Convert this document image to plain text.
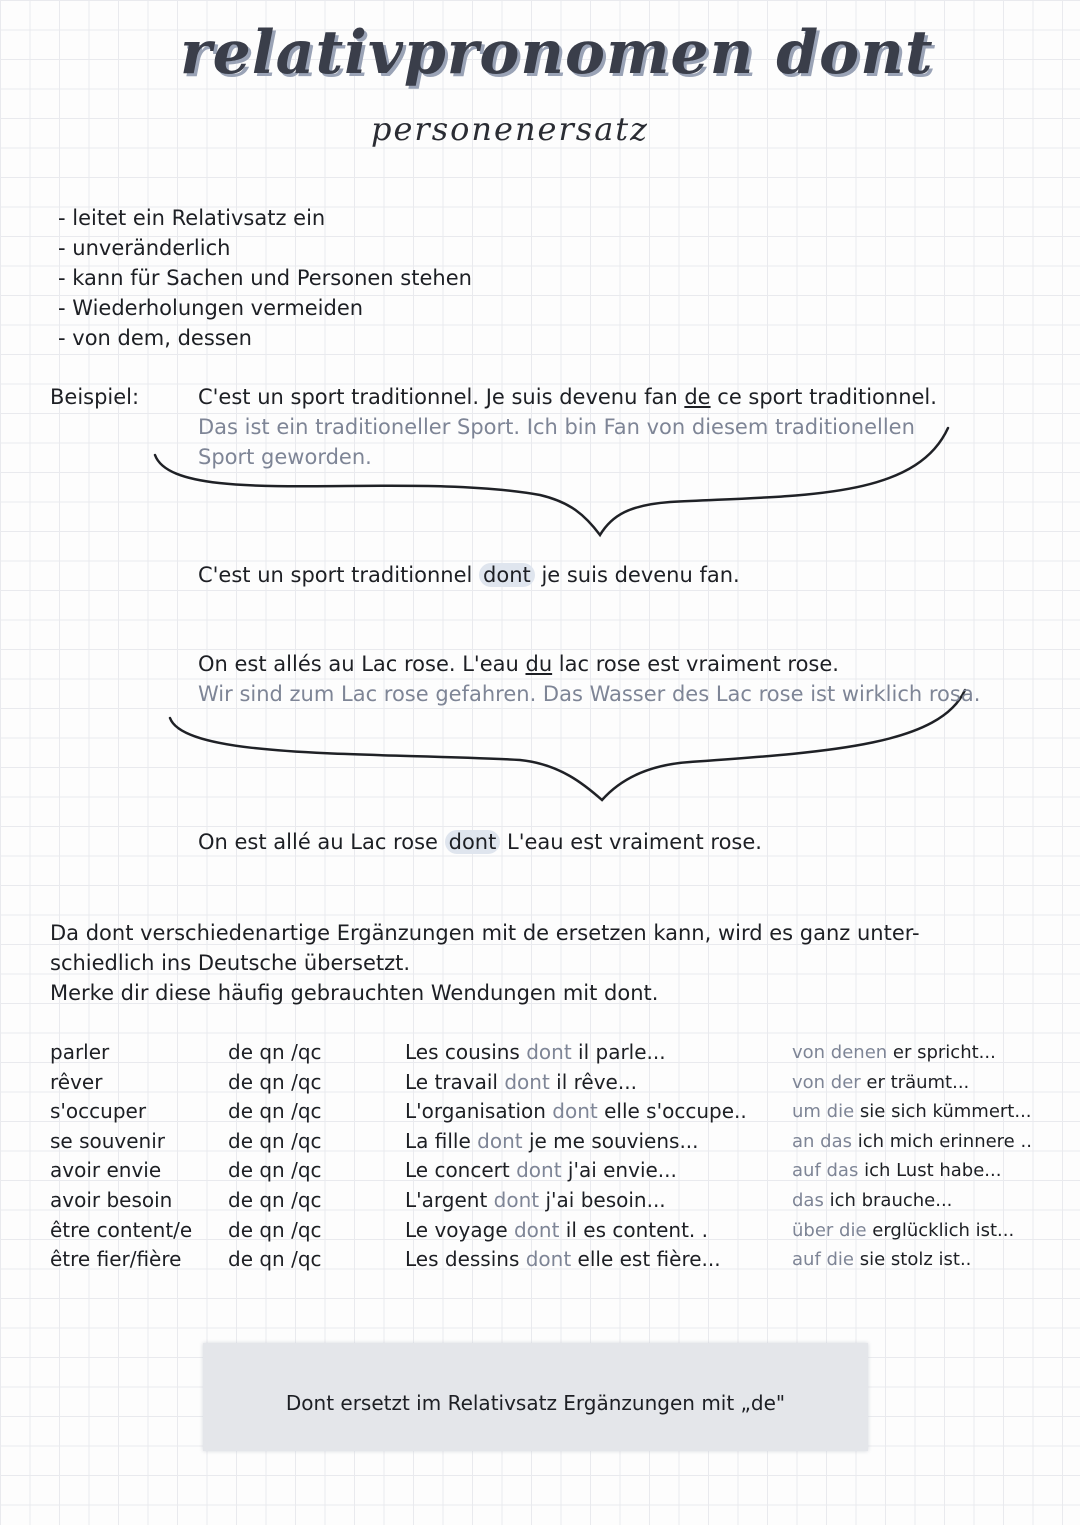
relativpronomen dont
personenersatz
- leitet ein Relativsatz ein
- unveränderlich
- kann für Sachen und Personen stehen
- Wiederholungen vermeiden
- von dem, dessen
Beispiel:	C'est un sport traditionnel. Je suis devenu fan de ce sport traditionnel.
Das ist ein traditioneller Sport. Ich bin Fan von diesem traditionellen
Sport geworden.
C'est un sport traditionnel dont je suis devenu fan.
On est allés au Lac rose. L'eau du lac rose est vraiment rose.
Wir sind zum Lac rose gefahren. Das Wasser des Lac rose ist wirklich rosa.
On est allé au Lac rose dont L'eau est vraiment rose.
Da dont verschiedenartige Ergänzungen mit de ersetzen kann, wird es ganz unter-
schiedlich ins Deutsche übersetzt.
Merke dir diese häufig gebrauchten Wendungen mit dont.
parler
rêver
s'occuper
se souvenir
avoir envie
avoir besoin
être content/e
être fier/fière
de qn /qc
de qn /qc
de qn /qc
de qn /qc
de qn /qc
de qn /qc
de qn /qc
de qn /qc
Les cousins dont il parle...
Le travail dont il rêve...
L'organisation dont elle s'occupe..
La fille dont je me souviens...
Le concert dont j'ai envie...
L'argent dont j'ai besoin...
Le voyage dont il es content. .
Les dessins dont elle est fière...
von denen er spricht...
von der er träumt...
um die sie sich kümmert...
an das ich mich erinnere ..
auf das ich Lust habe...
das ich brauche...
über die erglücklich ist...
auf die sie stolz ist..
Dont ersetzt im Relativsatz Ergänzungen mit „de"
